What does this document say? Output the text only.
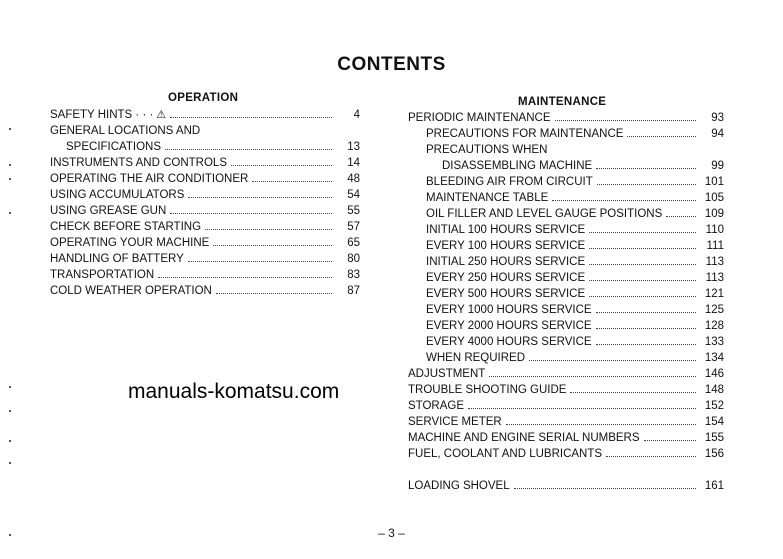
CONTENTS
OPERATION
SAFETY HINTS · · · ⚠	4
GENERAL LOCATIONS AND
SPECIFICATIONS	13
INSTRUMENTS AND CONTROLS	14
OPERATING THE AIR CONDITIONER	48
USING ACCUMULATORS	54
USING GREASE GUN	55
CHECK BEFORE STARTING	57
OPERATING YOUR MACHINE	65
HANDLING OF BATTERY	80
TRANSPORTATION	83
COLD WEATHER OPERATION	87
MAINTENANCE
PERIODIC MAINTENANCE	93
PRECAUTIONS FOR MAINTENANCE	94
PRECAUTIONS WHEN
DISASSEMBLING MACHINE	99
BLEEDING AIR FROM CIRCUIT	101
MAINTENANCE TABLE	105
OIL FILLER AND LEVEL GAUGE POSITIONS	109
INITIAL 100 HOURS SERVICE	110
EVERY 100 HOURS SERVICE	111
INITIAL 250 HOURS SERVICE	113
EVERY 250 HOURS SERVICE	113
EVERY 500 HOURS SERVICE	121
EVERY 1000 HOURS SERVICE	125
EVERY 2000 HOURS SERVICE	128
EVERY 4000 HOURS SERVICE	133
WHEN REQUIRED	134
ADJUSTMENT	146
TROUBLE SHOOTING GUIDE	148
STORAGE	152
SERVICE METER	154
MACHINE AND ENGINE SERIAL NUMBERS	155
FUEL, COOLANT AND LUBRICANTS	156
LOADING SHOVEL	161
manuals-komatsu.com
– 3 –
